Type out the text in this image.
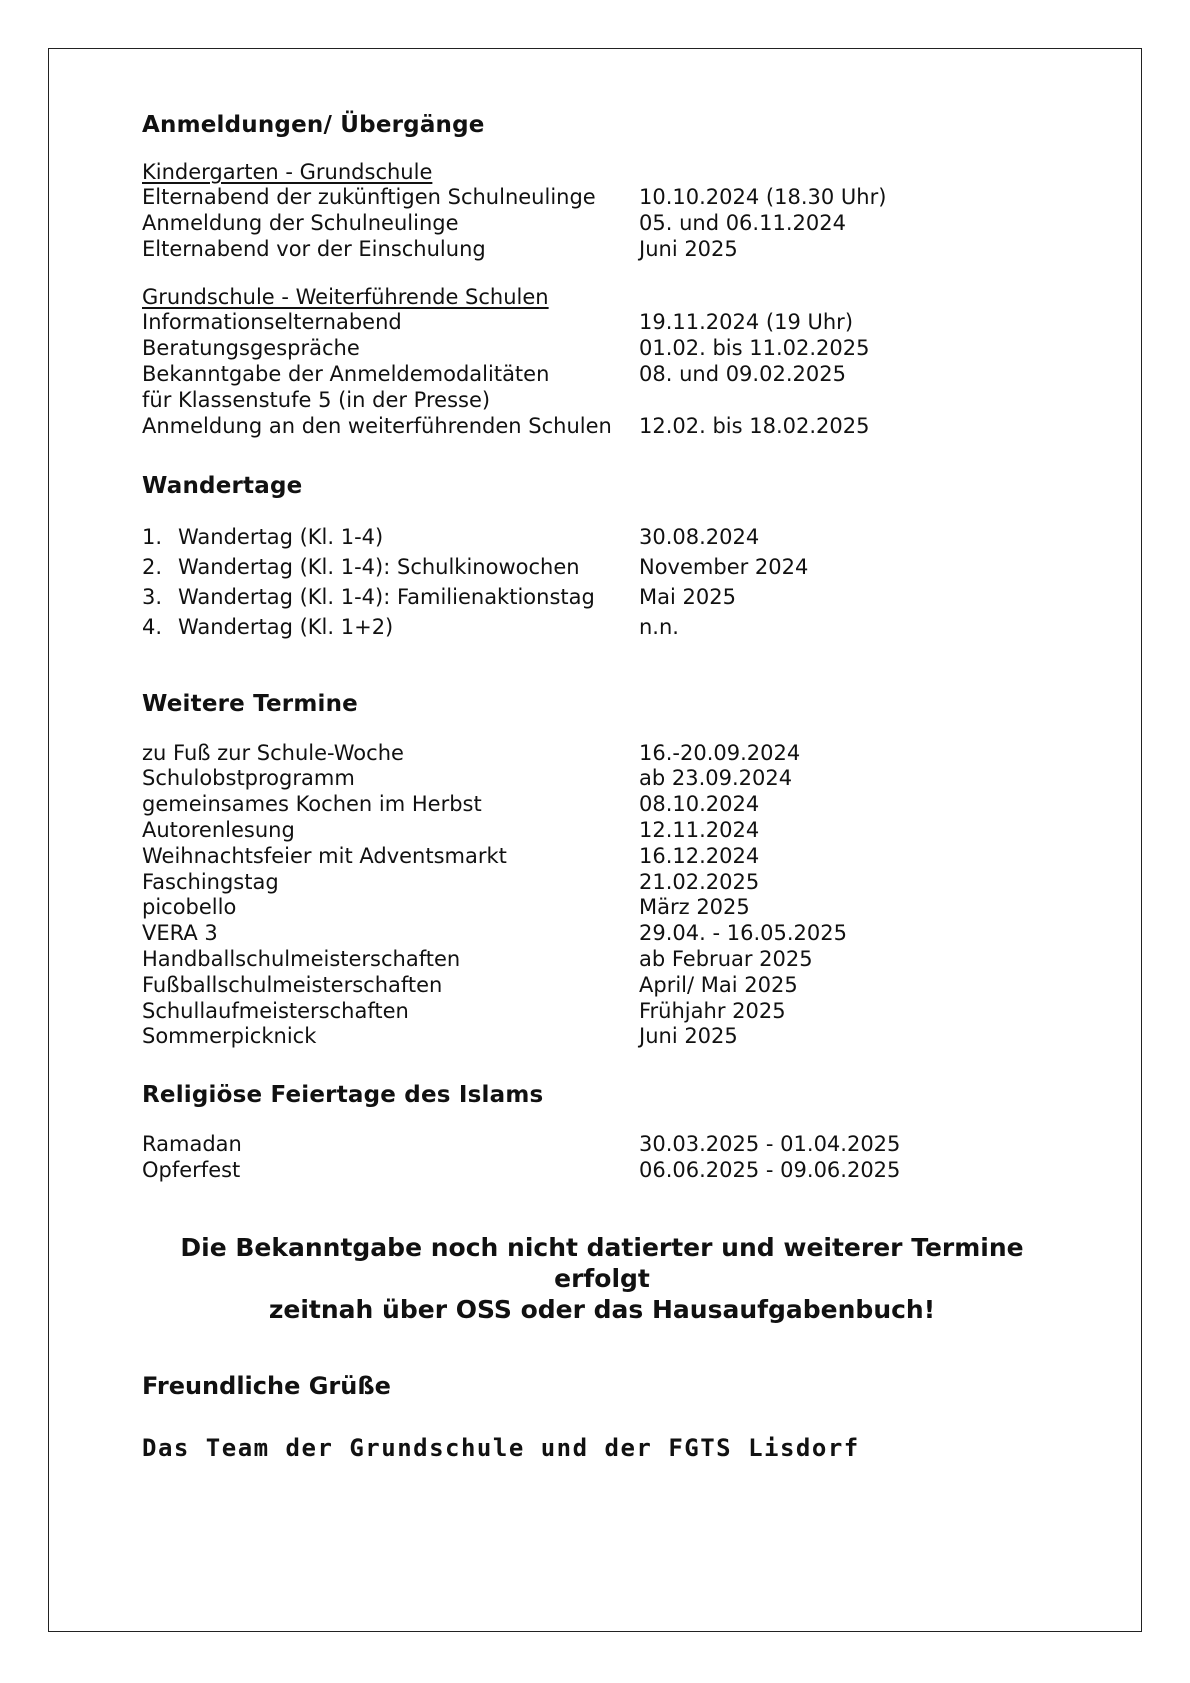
Anmeldungen/ Übergänge
Kindergarten - Grundschule
Elternabend der zukünftigen Schulneulinge	10.10.2024 (18.30 Uhr)
Anmeldung der Schulneulinge	05. und 06.11.2024
Elternabend vor der Einschulung	Juni 2025
Grundschule - Weiterführende Schulen
Informationselternabend	19.11.2024 (19 Uhr)
Beratungsgespräche	01.02. bis 11.02.2025
Bekanntgabe der Anmeldemodalitäten	08. und 09.02.2025
für Klassenstufe 5 (in der Presse)
Anmeldung an den weiterführenden Schulen	12.02. bis 18.02.2025
Wandertage
1. Wandertag (Kl. 1-4)	30.08.2024
2. Wandertag (Kl. 1-4): Schulkinowochen	November 2024
3. Wandertag (Kl. 1-4): Familienaktionstag	Mai 2025
4. Wandertag (Kl. 1+2)	n.n.
Weitere Termine
zu Fuß zur Schule-Woche	16.-20.09.2024
Schulobstprogramm	ab 23.09.2024
gemeinsames Kochen im Herbst	08.10.2024
Autorenlesung	12.11.2024
Weihnachtsfeier mit Adventsmarkt	16.12.2024
Faschingstag	21.02.2025
picobello	März 2025
VERA 3	29.04. - 16.05.2025
Handballschulmeisterschaften	ab Februar 2025
Fußballschulmeisterschaften	April/ Mai 2025
Schullaufmeisterschaften	Frühjahr 2025
Sommerpicknick	Juni 2025
Religiöse Feiertage des Islams
Ramadan	30.03.2025 - 01.04.2025
Opferfest	06.06.2025 - 09.06.2025
Die Bekanntgabe noch nicht datierter und weiterer Termine erfolgt
zeitnah über OSS oder das Hausaufgabenbuch!
Freundliche Grüße
Das Team der Grundschule und der FGTS Lisdorf
